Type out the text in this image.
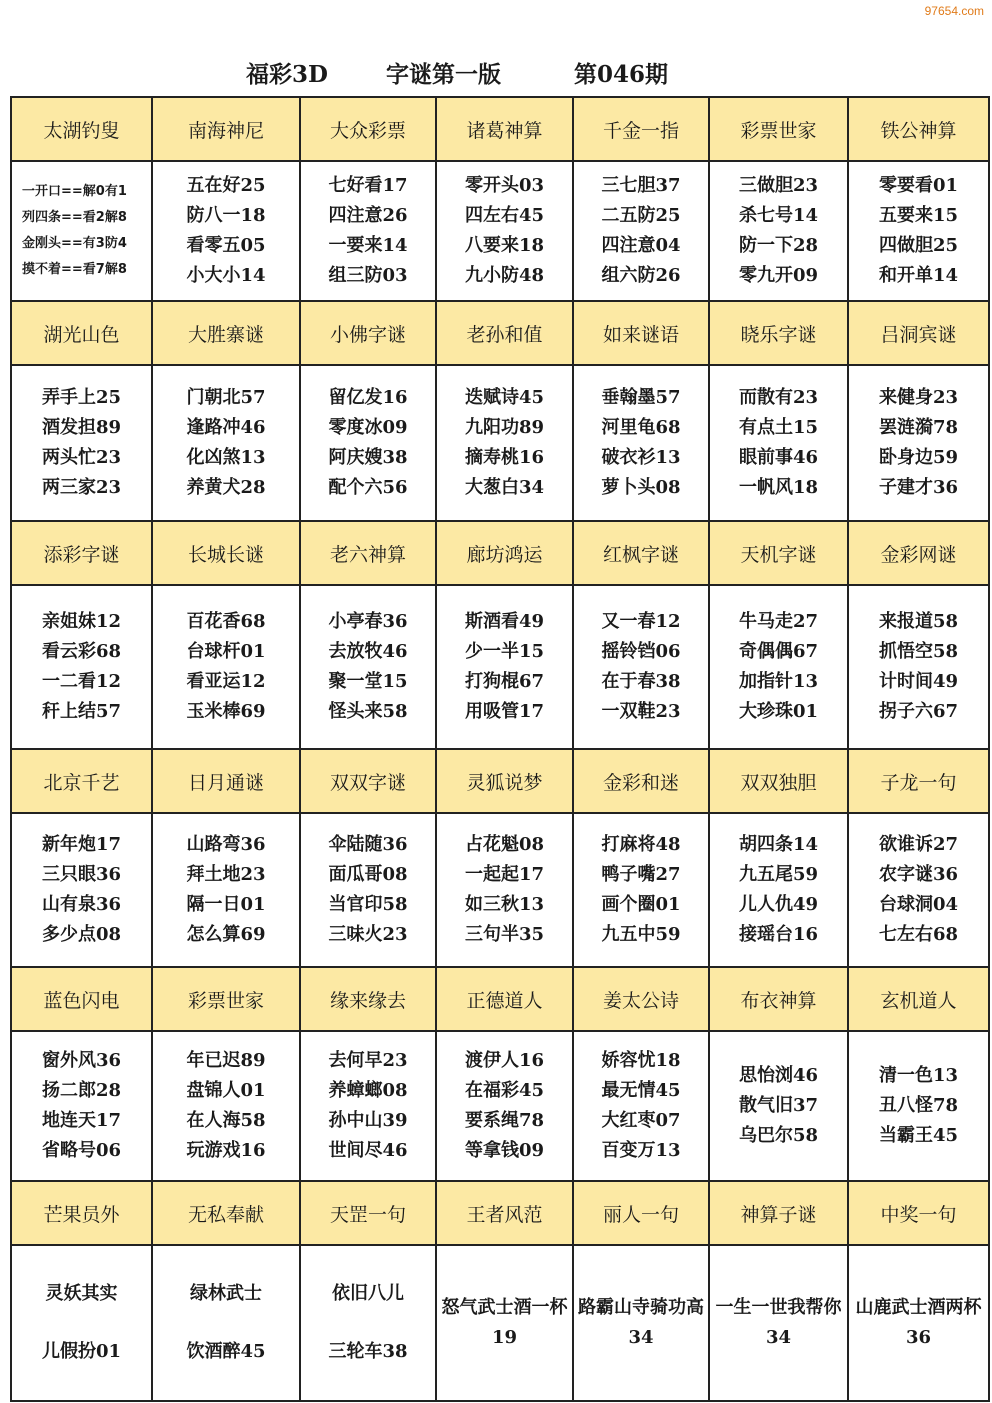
97654.com
福彩3D	字谜第一版	第046期
太湖钓叟	南海神尼	大众彩票	诸葛神算	千金一指	彩票世家	铁公神算

一开口==解0有1
列四条==看2解8
金刚头==有3防4
摸不着==看7解8	五在好25
防八一18
看零五05
小大小14	七好看17
四注意26
一要来14
组三防03	零开头03
四左右45
八要来18
九小防48	三七胆37
二五防25
四注意04
组六防26	三做胆23
杀七号14
防一下28
零九开09	零要看01
五要来15
四做胆25
和开单14

湖光山色	大胜寨谜	小佛字谜	老孙和值	如来谜语	晓乐字谜	吕洞宾谜

弄手上25
酒发担89
两头忙23
两三家23	门朝北57
逢路冲46
化凶煞13
养黄犬28	留亿发16
零度冰09
阿庆嫂38
配个六56	迭赋诗45
九阳功89
摘寿桃16
大葱白34	垂翰墨57
河里龟68
破衣衫13
萝卜头08	而散有23
有点土15
眼前事46
一帆风18	来健身23
罢涟漪78
卧身边59
子建才36

添彩字谜	长城长谜	老六神算	廊坊鸿运	红枫字谜	天机字谜	金彩网谜

亲姐妹12
看云彩68
一二看12
秆上结57	百花香68
台球杆01
看亚运12
玉米棒69	小亭春36
去放牧46
聚一堂15
怪头来58	斯酒看49
少一半15
打狗棍67
用吸管17	又一春12
摇铃铛06
在于春38
一双鞋23	牛马走27
奇偶偶67
加指针13
大珍珠01	来报道58
抓悟空58
计时间49
拐子六67

北京千艺	日月通谜	双双字谜	灵狐说梦	金彩和迷	双双独胆	子龙一句

新年炮17
三只眼36
山有泉36
多少点08	山路弯36
拜土地23
隔一日01
怎么算69	伞陆随36
面瓜哥08
当官印58
三味火23	占花魁08
一起起17
如三秋13
三句半35	打麻将48
鸭子嘴27
画个圈01
九五中59	胡四条14
九五尾59
儿人仇49
接瑶台16	欲谁诉27
农字谜36
台球洞04
七左右68

蓝色闪电	彩票世家	缘来缘去	正德道人	姜太公诗	布衣神算	玄机道人

窗外风36
扬二郎28
地连天17
省略号06	年已迟89
盘锦人01
在人海58
玩游戏16	去何早23
养蟑螂08
孙中山39
世间尽46	渡伊人16
在福彩45
要系绳78
等拿钱09	娇容忧18
最无情45
大红枣07
百变万13	思怡浏46
散气旧37
乌巴尔58	清一色13
丑八怪78
当霸王45

芒果员外	无私奉献	天罡一句	王者风范	丽人一句	神算子谜	中奖一句

灵妖其实
儿假扮01	绿林武士
饮酒醉45	依旧八儿
三轮车38	怒气武士酒一杯19	路霸山寺骑功高34	一生一世我帮你34	山鹿武士酒两杯36
